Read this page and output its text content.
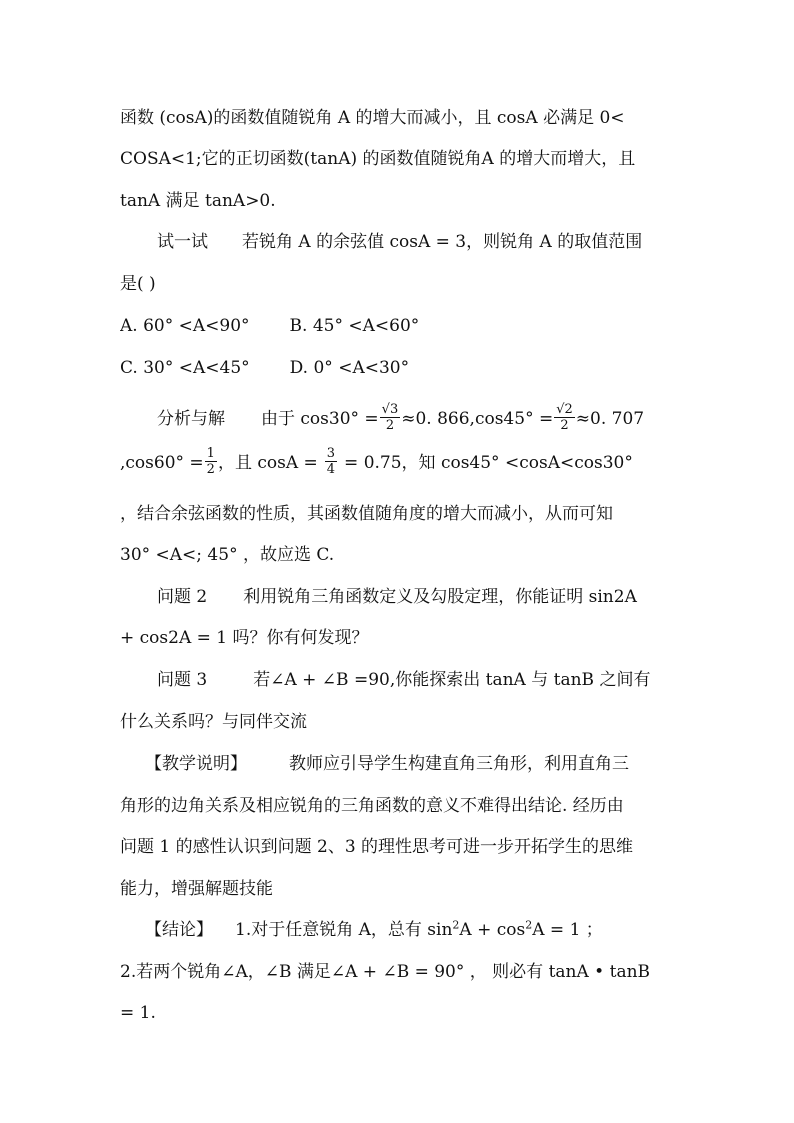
函数 (cosA)的函数值随锐角 A 的增大而减小，且 cosA 必满足 0<
COSA<1;它的正切函数(tanA) 的函数值随锐角A 的增大而增大，且
tanA 满足 tanA>0.
试一试 若锐角 A 的余弦值 cosA = 3，则锐角 A 的取值范围
是( )
A. 60° <A<90° B. 45° <A<60°
C. 30° <A<45° D. 0° <A<30°
分析与解 由于 $\cos 30^\circ = \frac{√3}{2} \approx 0$. $866,\cos 45^\circ = \frac{√2}{2} \approx 0$. 707
$,\cos 60^\circ = \frac{1}{2}$ ，且 $\cos A = \frac{3}{4} = 0.75$，知 cos45° <cosA<cos30°
，结合余弦函数的性质，其函数值随角度的增大而减小，从而可知
30° <A<; 45° ，故应选 C.
问题 2 利用锐角三角函数定义及勾股定理，你能证明 sin2A
+ cos2A = 1 吗？你有何发现？
问题 3	若∠A + ∠B =90,你能探索出 tanA 与 tanB 之间有
什么关系吗？与同伴交流
【教学说明】 教师应引导学生构建直角三角形，利用直角三
角形的边角关系及相应锐角的三角函数的意义不难得出结论. 经历由
问题 1 的感性认识到问题 2、3 的理性思考可进一步开拓学生的思维
能力，增强解题技能
【结论】 1.对于任意锐角 A，总有 $\sin^2A + \cos^2A = 1$ ；
2.若两个锐角∠A，∠B 满足∠A + ∠B = 90° ， 则必有 tanA • tanB
= 1.
